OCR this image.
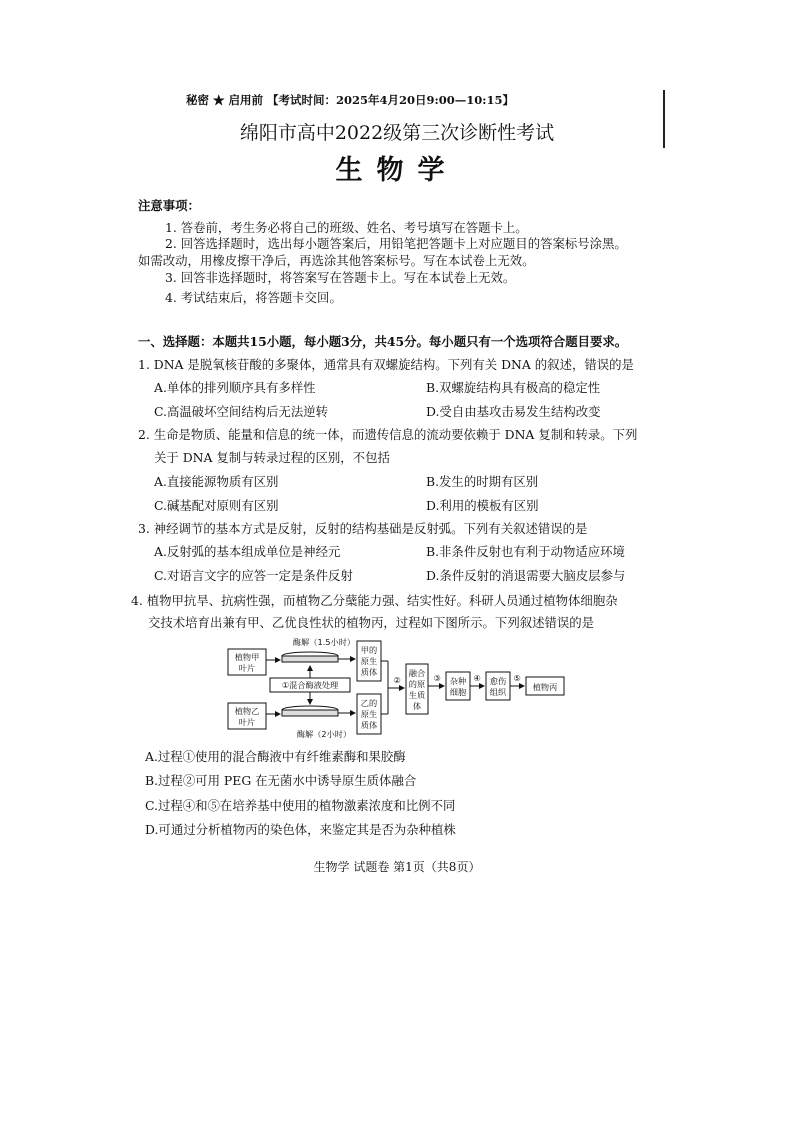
秘密 ★ 启用前 【考试时间：2025年4月20日9:00—10:15】
绵阳市高中2022级第三次诊断性考试
生物学
注意事项：
1. 答卷前，考生务必将自己的班级、姓名、考号填写在答题卡上。
2. 回答选择题时，选出每小题答案后，用铅笔把答题卡上对应题目的答案标号涂黑。
如需改动，用橡皮擦干净后，再选涂其他答案标号。写在本试卷上无效。
3. 回答非选择题时，将答案写在答题卡上。写在本试卷上无效。
4. 考试结束后，将答题卡交回。
一、选择题：本题共15小题，每小题3分，共45分。每小题只有一个选项符合题目要求。
1. DNA 是脱氧核苷酸的多聚体，通常具有双螺旋结构。下列有关 DNA 的叙述，错误的是
A.单体的排列顺序具有多样性	B.双螺旋结构具有极高的稳定性
C.高温破坏空间结构后无法逆转	D.受自由基攻击易发生结构改变
2. 生命是物质、能量和信息的统一体，而遗传信息的流动要依赖于 DNA 复制和转录。下列
关于 DNA 复制与转录过程的区别，不包括
A.直接能源物质有区别	B.发生的时期有区别
C.碱基配对原则有区别	D.利用的模板有区别
3. 神经调节的基本方式是反射，反射的结构基础是反射弧。下列有关叙述错误的是
A.反射弧的基本组成单位是神经元	B.非条件反射也有利于动物适应环境
C.对语言文字的应答一定是条件反射	D.条件反射的消退需要大脑皮层参与
4. 植物甲抗旱、抗病性强，而植物乙分蘖能力强、结实性好。科研人员通过植物体细胞杂
交技术培育出兼有甲、乙优良性状的植物丙，过程如下图所示。下列叙述错误的是
植物甲
叶片
植物乙
叶片
酶解（1.5小时）
酶解（2小时）
①混合酶液处理
甲的
原生
质体
乙的
原生
质体
②
融合
的原
生质
体
③ 杂种
细胞
④ 愈伤
组织
⑤
植物丙
A.过程①使用的混合酶液中有纤维素酶和果胶酶
B.过程②可用 PEG 在无菌水中诱导原生质体融合
C.过程④和⑤在培养基中使用的植物激素浓度和比例不同
D.可通过分析植物丙的染色体，来鉴定其是否为杂种植株
生物学 试题卷 第1页（共8页）
